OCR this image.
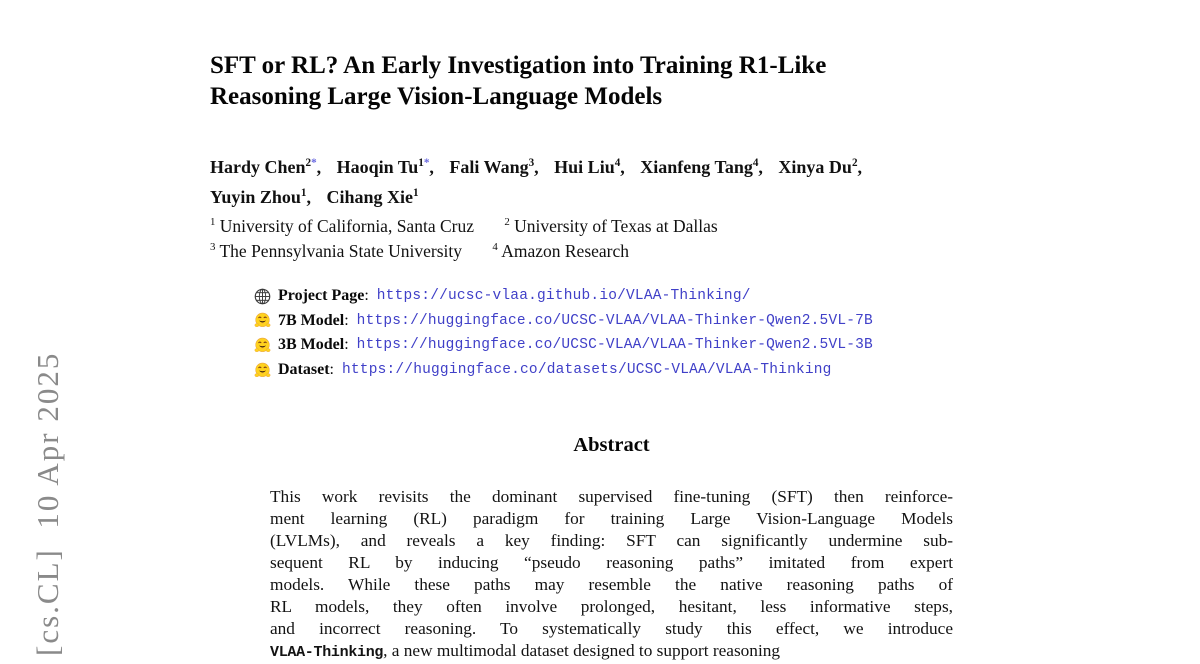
[cs.CL]  10 Apr 2025
SFT or RL? An Early Investigation into Training R1-Like
Reasoning Large Vision-Language Models
Hardy Chen$^{2*}$, Haoqin $Tu^{1*}$, Fali Wang$^3$, Hui Liu$^4$, Xianfeng Tang$^4$, Xinya Du$^2$,
Yuyin Zhou$^1$, Cihang Xie$^1$
$^1$ University of California, Santa Cruz	$^2$ University of Texas at Dallas
$^3$ The Pennsylvania State University	$^4$ Amazon Research
Project Page : https://ucsc-vlaa.github.io/VLAA-Thinking/
7B Model : https://huggingface.co/UCSC-VLAA/VLAA-Thinker-Qwen2.5VL-7B
3B Model : https://huggingface.co/UCSC-VLAA/VLAA-Thinker-Qwen2.5VL-3B
Dataset : https://huggingface.co/datasets/UCSC-VLAA/VLAA-Thinking
Abstract
This work revisits the dominant supervised fine-tuning (SFT) then reinforce-
ment learning (RL) paradigm for training Large Vision-Language Models
(LVLMs), and reveals a key finding: SFT can significantly undermine sub-
sequent RL by inducing “pseudo reasoning paths” imitated from expert
models. While these paths may resemble the native reasoning paths of
RL models, they often involve prolonged, hesitant, less informative steps,
and incorrect reasoning. To systematically study this effect, we introduce
VLAA-Thinking, a new multimodal dataset designed to support reasoning
